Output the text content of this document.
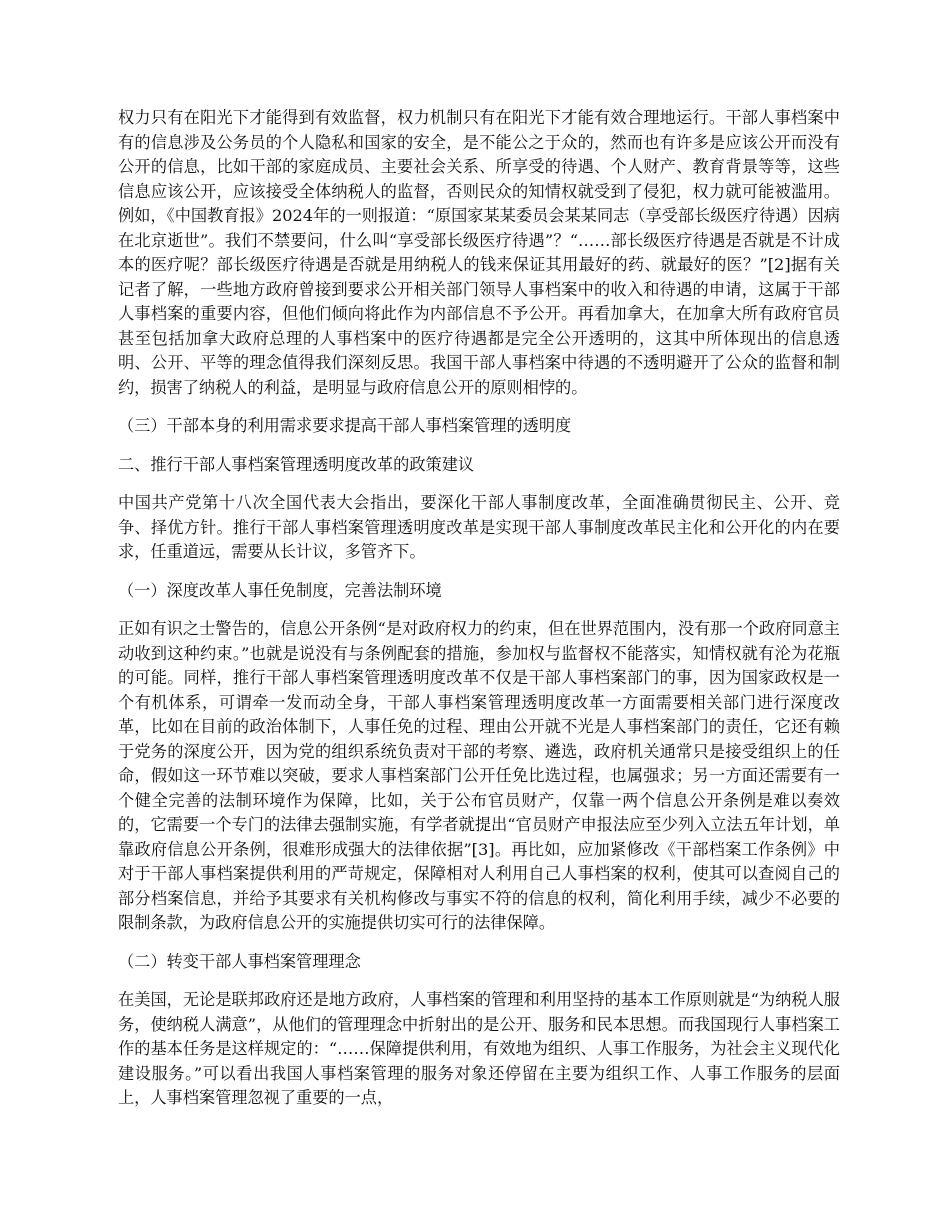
权力只有在阳光下才能得到有效监督，权力机制只有在阳光下才能有效合理地运行。干部人事档案中有的信息涉及公务员的个人隐私和国家的安全，是不能公之于众的，然而也有许多是应该公开而没有公开的信息，比如干部的家庭成员、主要社会关系、所享受的待遇、个人财产、教育背景等等，这些信息应该公开，应该接受全体纳税人的监督，否则民众的知情权就受到了侵犯，权力就可能被滥用。例如，《中国教育报》2024年的一则报道：“原国家某某委员会某某同志（享受部长级医疗待遇）因病在北京逝世”。我们不禁要问，什么叫“享受部长级医疗待遇”？“……部长级医疗待遇是否就是不计成本的医疗呢？部长级医疗待遇是否就是用纳税人的钱来保证其用最好的药、就最好的医？”[2]据有关记者了解，一些地方政府曾接到要求公开相关部门领导人事档案中的收入和待遇的申请，这属于干部人事档案的重要内容，但他们倾向将此作为内部信息不予公开。再看加拿大，在加拿大所有政府官员甚至包括加拿大政府总理的人事档案中的医疗待遇都是完全公开透明的，这其中所体现出的信息透明、公开、平等的理念值得我们深刻反思。我国干部人事档案中待遇的不透明避开了公众的监督和制约，损害了纳税人的利益，是明显与政府信息公开的原则相悖的。

（三）干部本身的利用需求要求提高干部人事档案管理的透明度

二、推行干部人事档案管理透明度改革的政策建议

中国共产党第十八次全国代表大会指出，要深化干部人事制度改革，全面准确贯彻民主、公开、竞争、择优方针。推行干部人事档案管理透明度改革是实现干部人事制度改革民主化和公开化的内在要求，任重道远，需要从长计议，多管齐下。

（一）深度改革人事任免制度，完善法制环境

正如有识之士警告的，信息公开条例“是对政府权力的约束，但在世界范围内，没有那一个政府同意主动收到这种约束。”也就是说没有与条例配套的措施，参加权与监督权不能落实，知情权就有沦为花瓶的可能。同样，推行干部人事档案管理透明度改革不仅是干部人事档案部门的事，因为国家政权是一个有机体系，可谓牵一发而动全身，干部人事档案管理透明度改革一方面需要相关部门进行深度改革，比如在目前的政治体制下，人事任免的过程、理由公开就不光是人事档案部门的责任，它还有赖于党务的深度公开，因为党的组织系统负责对干部的考察、遴选，政府机关通常只是接受组织上的任命，假如这一环节难以突破，要求人事档案部门公开任免比选过程，也属强求；另一方面还需要有一个健全完善的法制环境作为保障，比如，关于公布官员财产，仅靠一两个信息公开条例是难以奏效的，它需要一个专门的法律去强制实施，有学者就提出“官员财产申报法应至少列入立法五年计划，单靠政府信息公开条例，很难形成强大的法律依据”[3]。再比如，应加紧修改《干部档案工作条例》中对于干部人事档案提供利用的严苛规定，保障相对人利用自己人事档案的权利，使其可以查阅自己的部分档案信息，并给予其要求有关机构修改与事实不符的信息的权利，简化利用手续，减少不必要的限制条款，为政府信息公开的实施提供切实可行的法律保障。

（二）转变干部人事档案管理理念

在美国，无论是联邦政府还是地方政府，人事档案的管理和利用坚持的基本工作原则就是“为纳税人服务，使纳税人满意”，从他们的管理理念中折射出的是公开、服务和民本思想。而我国现行人事档案工作的基本任务是这样规定的：“……保障提供利用，有效地为组织、人事工作服务，为社会主义现代化建设服务。”可以看出我国人事档案管理的服务对象还停留在主要为组织工作、人事工作服务的层面上，人事档案管理忽视了重要的一点，
